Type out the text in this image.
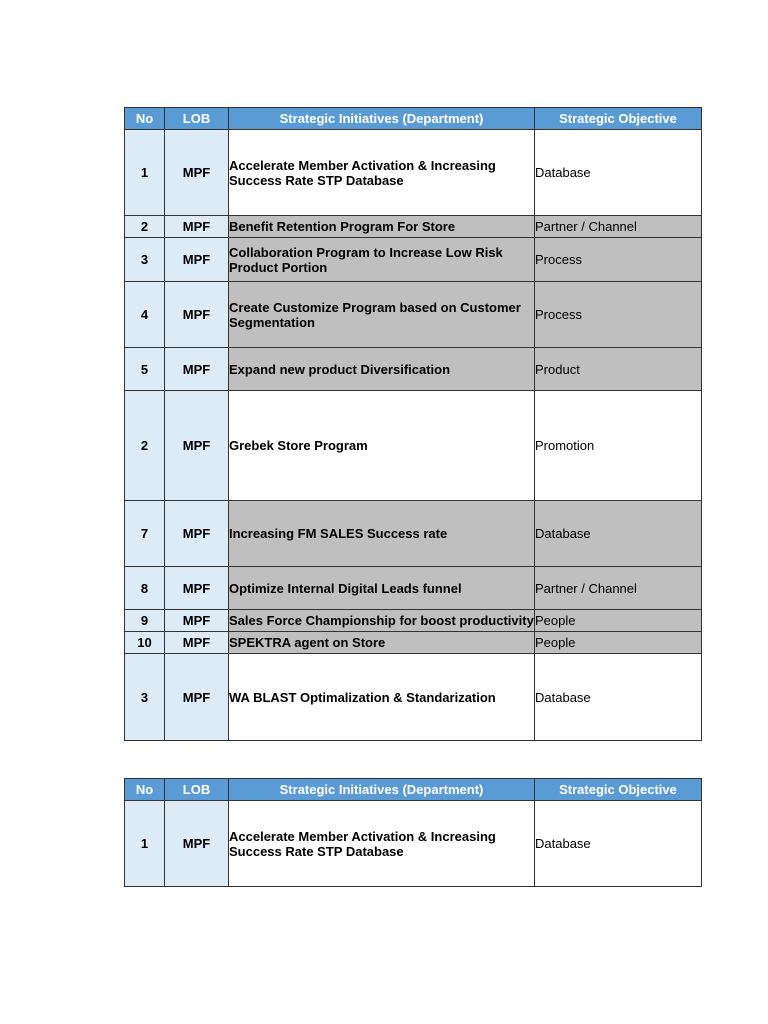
No	LOB	Strategic Initiatives (Department)	Strategic Objective
1	MPF	Accelerate Member Activation & Increasing Success Rate STP Database	Database
2	MPF	Benefit Retention Program For Store	Partner / Channel
3	MPF	Collaboration Program to Increase Low Risk Product Portion	Process
4	MPF	Create Customize Program based on Customer Segmentation	Process
5	MPF	Expand new product Diversification	Product
2	MPF	Grebek Store Program	Promotion
7	MPF	Increasing FM SALES Success rate	Database
8	MPF	Optimize Internal Digital Leads funnel	Partner / Channel
9	MPF	Sales Force Championship for boost productivity	People
10	MPF	SPEKTRA agent on Store	People
3	MPF	WA BLAST Optimalization & Standarization	Database
No	LOB	Strategic Initiatives (Department)	Strategic Objective
1	MPF	Accelerate Member Activation & Increasing Success Rate STP Database	Database
